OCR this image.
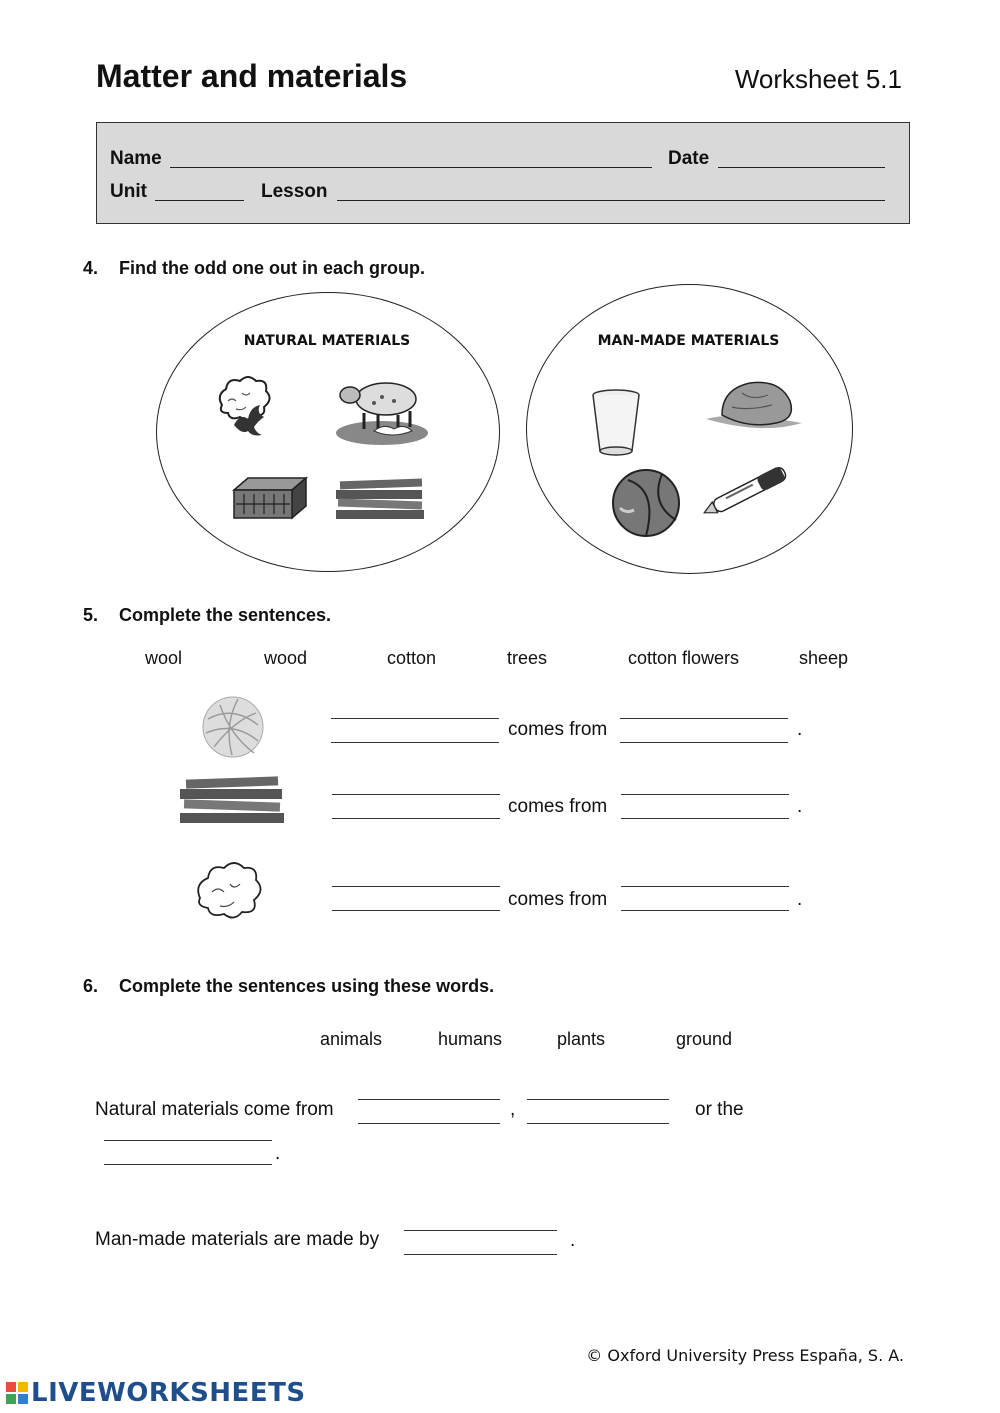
Matter and materials	Worksheet 5.1
Name	Date
Unit	Lesson
4. Find the odd one out in each group.
NATURAL MATERIALS	MAN-MADE MATERIALS
5. Complete the sentences.
wool	wood	cotton	trees	cotton flowers	sheep
comes from	.
comes from	.
comes from	.
6. Complete the sentences using these words.
animals	humans	plants	ground
Natural materials come from	,	or the
.
Man-made materials are made by	.
© Oxford University Press España, S. A.
LIVEWORKSHEETS
